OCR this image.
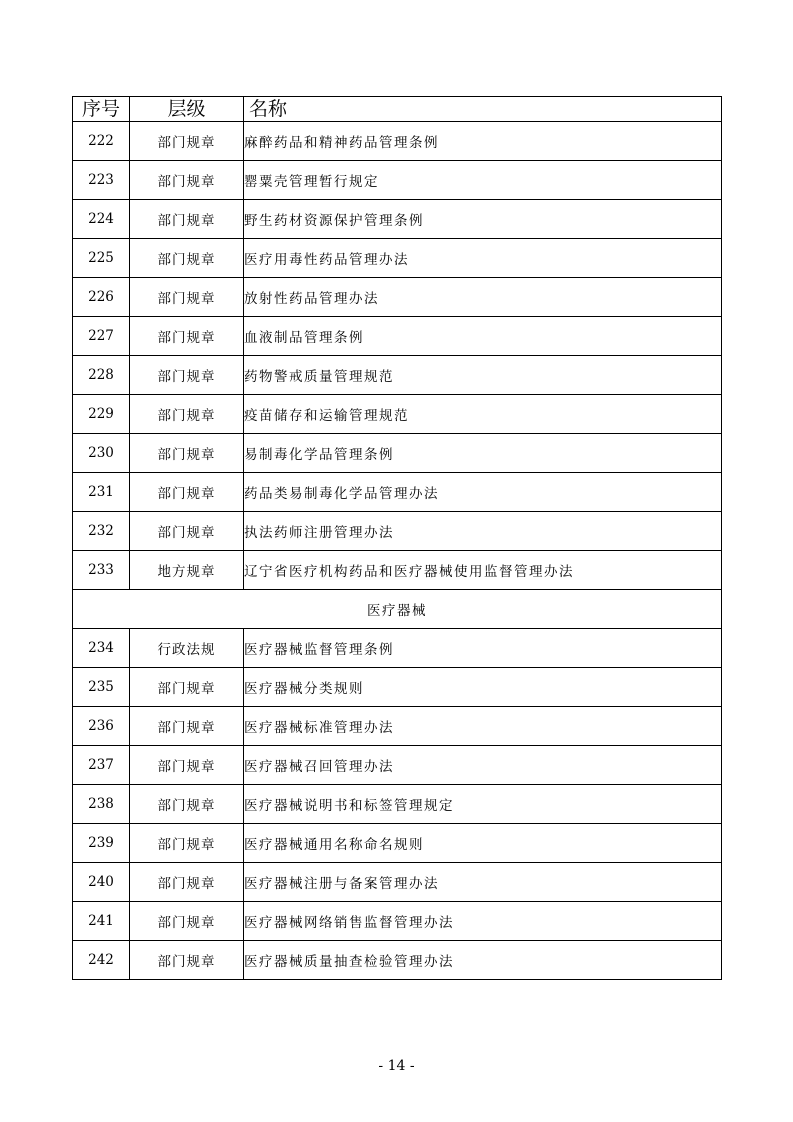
序号	层级	名称
222	部门规章	麻醉药品和精神药品管理条例
223	部门规章	罂粟壳管理暂行规定
224	部门规章	野生药材资源保护管理条例
225	部门规章	医疗用毒性药品管理办法
226	部门规章	放射性药品管理办法
227	部门规章	血液制品管理条例
228	部门规章	药物警戒质量管理规范
229	部门规章	疫苗储存和运输管理规范
230	部门规章	易制毒化学品管理条例
231	部门规章	药品类易制毒化学品管理办法
232	部门规章	执法药师注册管理办法
233	地方规章	辽宁省医疗机构药品和医疗器械使用监督管理办法
医疗器械		
234	行政法规	医疗器械监督管理条例
235	部门规章	医疗器械分类规则
236	部门规章	医疗器械标准管理办法
237	部门规章	医疗器械召回管理办法
238	部门规章	医疗器械说明书和标签管理规定
239	部门规章	医疗器械通用名称命名规则
240	部门规章	医疗器械注册与备案管理办法
241	部门规章	医疗器械网络销售监督管理办法
242	部门规章	医疗器械质量抽查检验管理办法
- 14 -
